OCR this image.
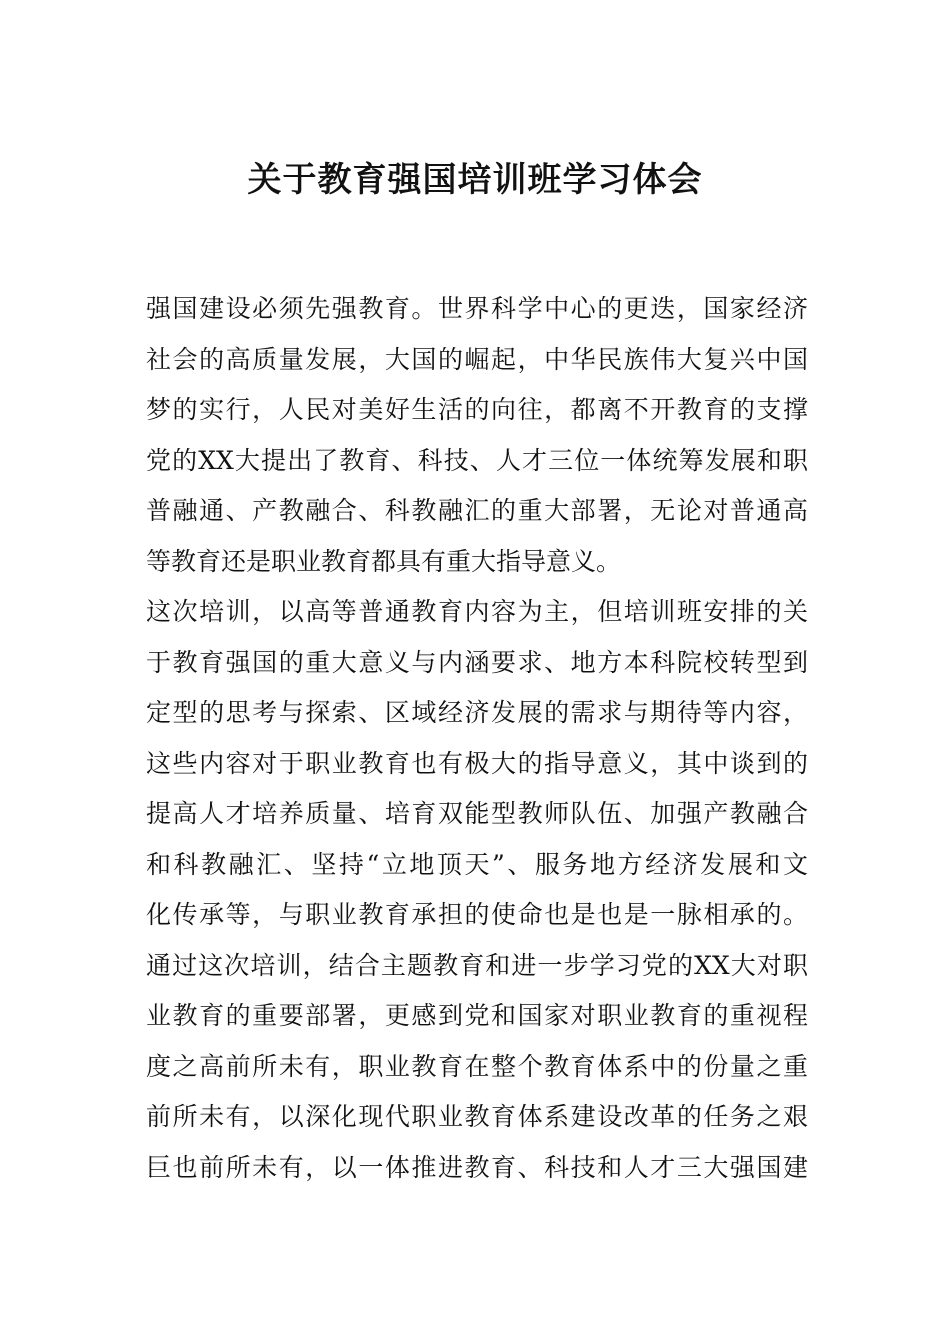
关于教育强国培训班学习体会

强国建设必须先强教育。世界科学中心的更迭，国家经济

社会的高质量发展，大国的崛起，中华民族伟大复兴中国

梦的实行，人民对美好生活的向往，都离不开教育的支撑

党的XX大提出了教育、科技、人才三位一体统筹发展和职

普融通、产教融合、科教融汇的重大部署，无论对普通高

等教育还是职业教育都具有重大指导意义。

这次培训，以高等普通教育内容为主，但培训班安排的关

于教育强国的重大意义与内涵要求、地方本科院校转型到

定型的思考与探索、区域经济发展的需求与期待等内容，

这些内容对于职业教育也有极大的指导意义，其中谈到的

提高人才培养质量、培育双能型教师队伍、加强产教融合

和科教融汇、坚持“立地顶天”、服务地方经济发展和文

化传承等，与职业教育承担的使命也是也是一脉相承的。

通过这次培训，结合主题教育和进一步学习党的XX大对职

业教育的重要部署，更感到党和国家对职业教育的重视程

度之高前所未有，职业教育在整个教育体系中的份量之重

前所未有，以深化现代职业教育体系建设改革的任务之艰

巨也前所未有，以一体推进教育、科技和人才三大强国建
